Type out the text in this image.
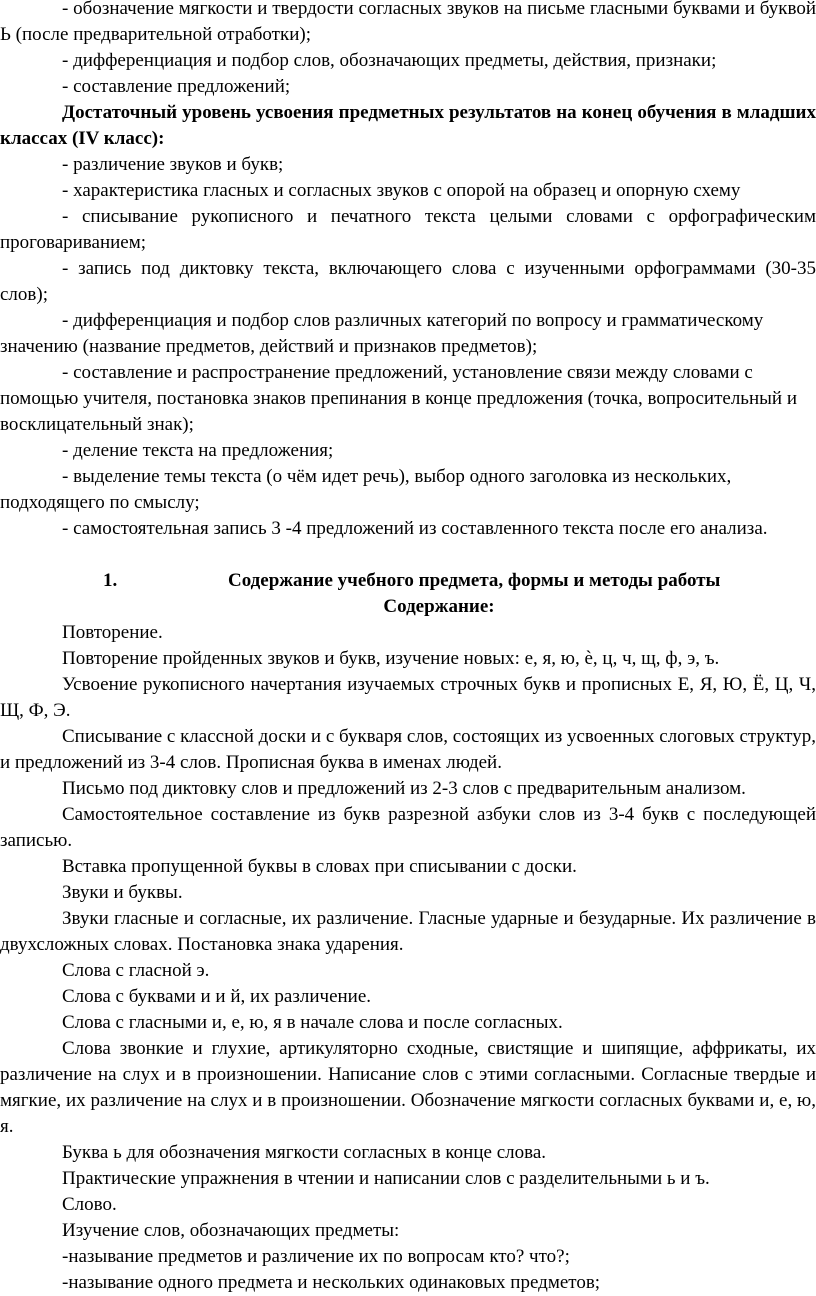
- обозначение мягкости и твердости согласных звуков на письме гласными буквами и буквой Ь (после предварительной отработки);

- дифференциация и подбор слов, обозначающих предметы, действия, признаки;

- составление предложений;

Достаточный уровень усвоения предметных результатов на конец обучения в младших классах (IV класс):

- различение звуков и букв;

- характеристика гласных и согласных звуков с опорой на образец и опорную схему

- списывание рукописного и печатного текста целыми словами с орфографическим проговариванием;

- запись под диктовку текста, включающего слова с изученными орфограммами (30-35 слов);

- дифференциация и подбор слов различных категорий по вопросу и грамматическому значению (название предметов, действий и признаков предметов);

- составление и распространение предложений, установление связи между словами с помощью учителя, постановка знаков препинания в конце предложения (точка, вопросительный и восклицательный знак);

- деление текста на предложения;

- выделение темы текста (о чём идет речь), выбор одного заголовка из нескольких, подходящего по смыслу;

- самостоятельная запись 3 -4 предложений из составленного текста после его анализа.

1.	Содержание учебного предмета, формы и методы работы

Содержание:

Повторение.

Повторение пройденных звуков и букв, изучение новых: е, я, ю, ѐ, ц, ч, щ, ф, э, ъ.

Усвоение рукописного начертания изучаемых строчных букв и прописных Е, Я, Ю, Ё, Ц, Ч, Щ, Ф, Э.

Списывание с классной доски и с букваря слов, состоящих из усвоенных слоговых структур, и предложений из 3-4 слов. Прописная буква в именах людей.

Письмо под диктовку слов и предложений из 2-3 слов с предварительным анализом.

Самостоятельное составление из букв разрезной азбуки слов из 3-4 букв с последующей записью.

Вставка пропущенной буквы в словах при списывании с доски.

Звуки и буквы.

Звуки гласные и согласные, их различение. Гласные ударные и безударные. Их различение в двухсложных словах. Постановка знака ударения.

Слова с гласной э.

Слова с буквами и и й, их различение.

Слова с гласными и, е, ю, я в начале слова и после согласных.

Слова звонкие и глухие, артикуляторно сходные, свистящие и шипящие, аффрикаты, их различение на слух и в произношении. Написание слов с этими согласными. Согласные твердые и мягкие, их различение на слух и в произношении. Обозначение мягкости согласных буквами и, е, ю, я.

Буква ь для обозначения мягкости согласных в конце слова.

Практические упражнения в чтении и написании слов с разделительными ь и ъ.

Слово.

Изучение слов, обозначающих предметы:

-называние предметов и различение их по вопросам кто? что?;

-называние одного предмета и нескольких одинаковых предметов;
